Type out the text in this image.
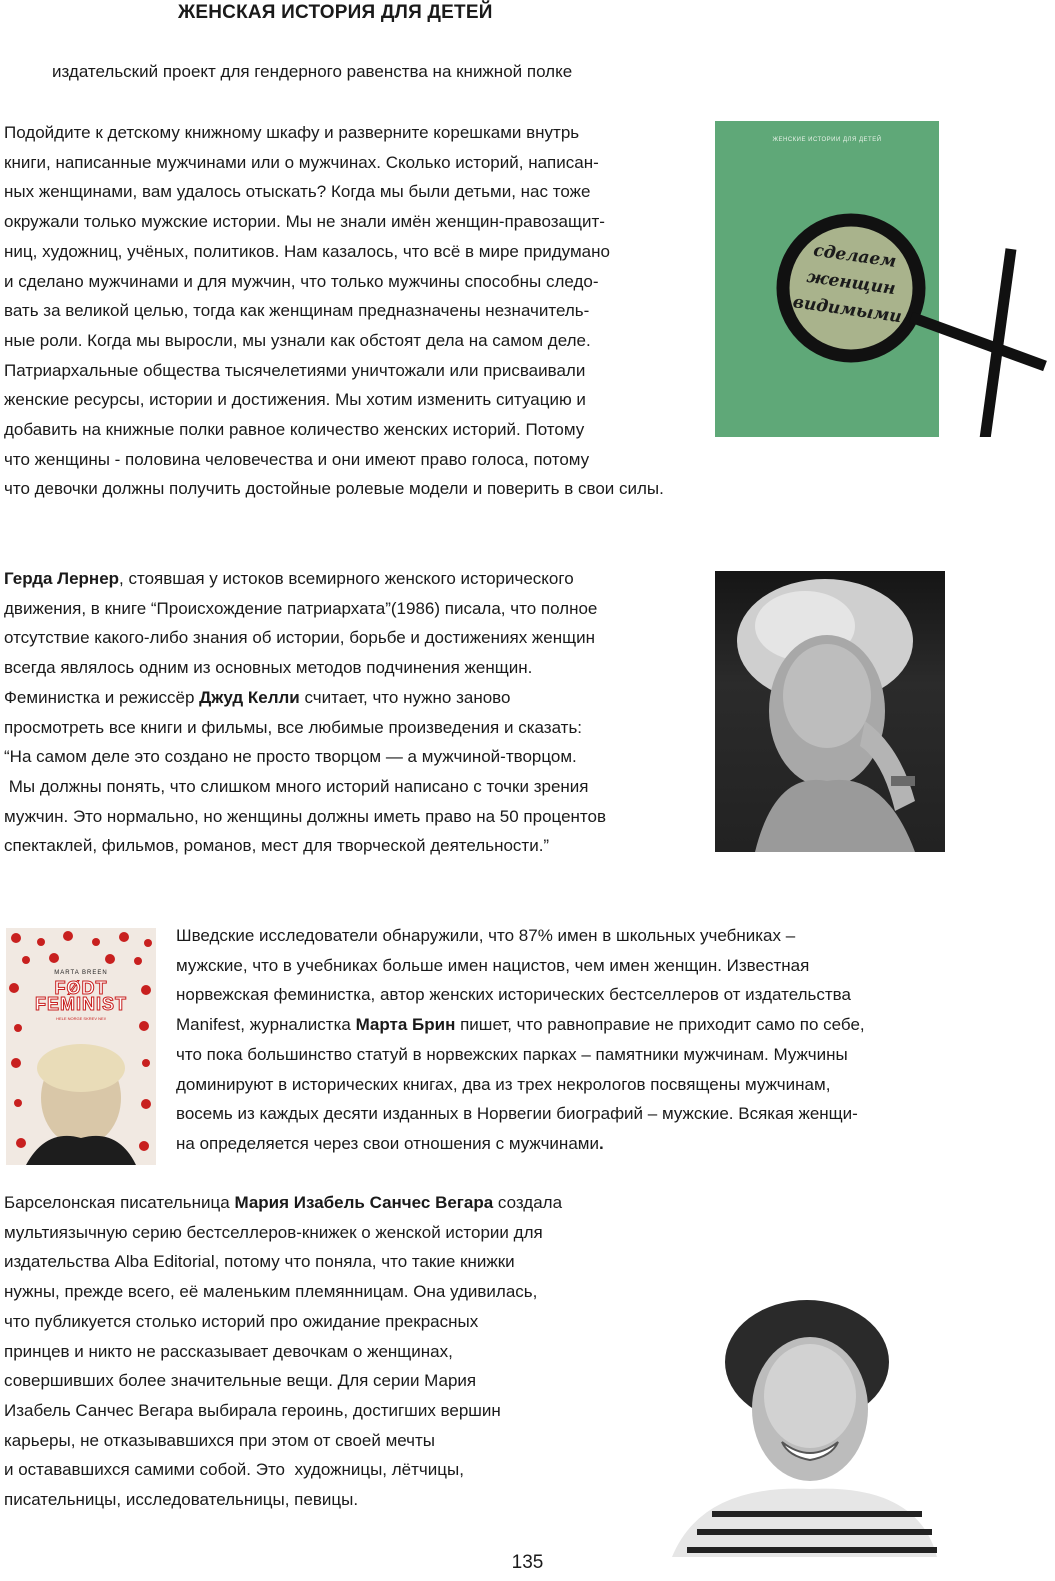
ЖЕНСКАЯ ИСТОРИЯ ДЛЯ ДЕТЕЙ
издательский проект для гендерного равенства на книжной полке
Подойдите к детскому книжному шкафу и разверните корешками внутрь
книги, написанные мужчинами или о мужчинах. Сколько историй, написан-
ных женщинами, вам удалось отыскать? Когда мы были детьми, нас тоже
окружали только мужские истории. Мы не знали имён женщин-правозащит-
ниц, художниц, учёных, политиков. Нам казалось, что всё в мире придумано
и сделано мужчинами и для мужчин, что только мужчины способны следо-
вать за великой целью, тогда как женщинам предназначены незначитель-
ные роли. Когда мы выросли, мы узнали как обстоят дела на самом деле.
Патриархальные общества тысячелетиями уничтожали или присваивали
женские ресурсы, истории и достижения. Мы хотим изменить ситуацию и
добавить на книжные полки равное количество женских историй. Потому
что женщины - половина человечества и они имеют право голоса, потому
что девочки должны получить достойные ролевые модели и поверить в свои силы.
ЖЕНСКИЕ ИСТОРИИ ДЛЯ ДЕТЕЙ
сделаем
женщин
видимыми
Герда Лернер, стоявшая у истоков всемирного женского исторического
движения, в книге “Происхождение патриархата”(1986) писала, что полное
отсутствие какого-либо знания об истории, борьбе и достижениях женщин
всегда являлось одним из основных методов подчинения женщин.
Феминистка и режиссёр Джуд Келли считает, что нужно заново
просмотреть все книги и фильмы, все любимые произведения и сказать:
“На самом деле это создано не просто творцом — а мужчиной-творцом.
Мы должны понять, что слишком много историй написано с точки зрения
мужчин. Это нормально, но женщины должны иметь право на 50 процентов
спектаклей, фильмов, романов, мест для творческой деятельности.”
MARTA BREEN
FØDT
FEMINIST
HELE NORGE SKREV NEI!
Шведские исследователи обнаружили, что 87% имен в школьных учебниках –
мужские, что в учебниках больше имен нацистов, чем имен женщин. Известная
норвежская феминистка, автор женских исторических бестселлеров от издательства
Manifest, журналистка Марта Брин пишет, что равноправие не приходит само по себе,
что пока большинство статуй в норвежских парках – памятники мужчинам. Мужчины
доминируют в исторических книгах, два из трех некрологов посвящены мужчинам,
восемь из каждых десяти изданных в Норвегии биографий – мужские. Всякая женщи-
на определяется через свои отношения с мужчинами.
Барселонская писательница Мария Изабель Санчес Вегара создала
мультиязычную серию бестселлеров-книжек о женской истории для
издательства Alba Editorial, потому что поняла, что такие книжки
нужны, прежде всего, её маленьким племянницам. Она удивилась,
что публикуется столько историй про ожидание прекрасных
принцев и никто не рассказывает девочкам о женщинах,
совершивших более значительные вещи. Для серии Мария
Изабель Санчес Вегара выбирала героинь, достигших вершин
карьеры, не отказывавшихся при этом от своей мечты
и остававшихся самими собой. Это  художницы, лётчицы,
писательницы, исследовательницы, певицы.
135
